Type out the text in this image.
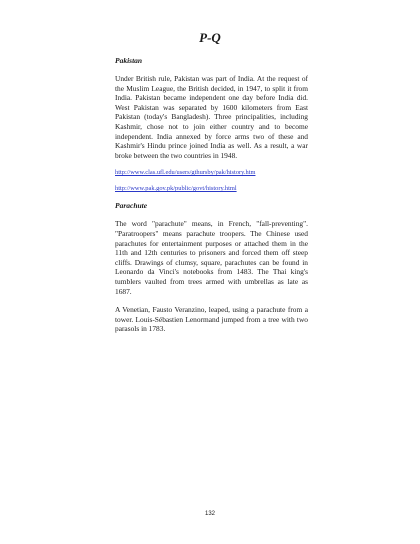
P-Q
Pakistan

Under British rule, Pakistan was part of India. At the request of the Muslim League, the British decided, in 1947, to split it from India. Pakistan became independent one day before India did. West Pakistan was separated by 1600 kilometers from East Pakistan (today's Bangladesh). Three principalities, including Kashmir, chose not to join either country and to become independent. India annexed by force arms two of these and Kashmir's Hindu prince joined India as well. As a result, a war broke between the two countries in 1948.

http://www.clas.ufl.edu/users/gthursby/pak/history.htm
http://www.pak.gov.pk/public/govt/history.html
Parachute

The word "parachute" means, in French, "fall-preventing". "Paratroopers" means parachute troopers. The Chinese used parachutes for entertainment purposes or attached them in the 11th and 12th centuries to prisoners and forced them off steep cliffs. Drawings of clumsy, square, parachutes can be found in Leonardo da Vinci's notebooks from 1483. The Thai king's tumblers vaulted from trees armed with umbrellas as late as 1687.

A Venetian, Fausto Veranzino, leaped, using a parachute from a tower. Louis-Sébastien Lenormand jumped from a tree with two parasols in 1783.

132
